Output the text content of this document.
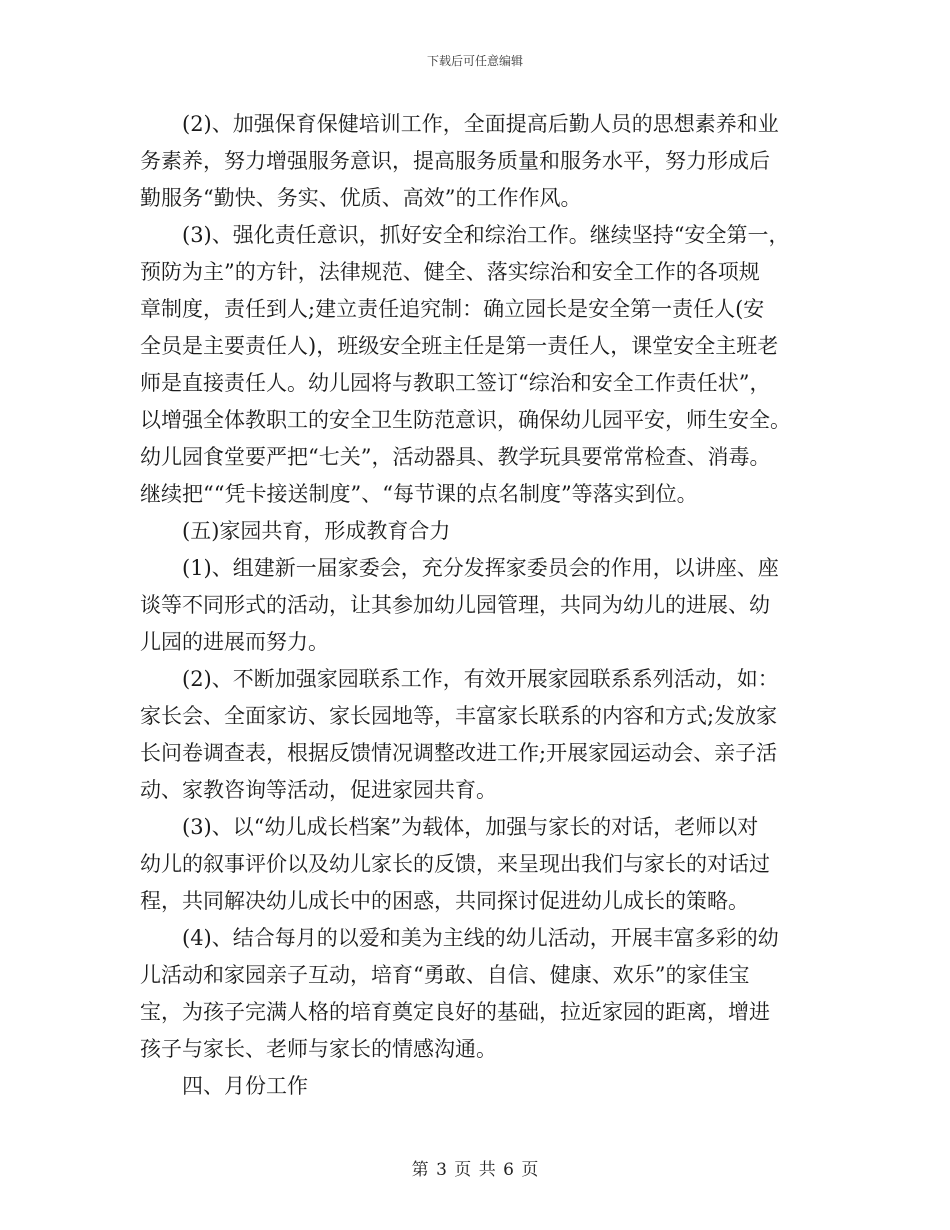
下载后可任意编辑
　　(2)、加强保育保健培训工作，全面提高后勤人员的思想素养和业
务素养，努力增强服务意识，提高服务质量和服务水平，努力形成后
勤服务“勤快、务实、优质、高效”的工作作风。
　　(3)、强化责任意识，抓好安全和综治工作。继续坚持“安全第一，
预防为主”的方针，法律规范、健全、落实综治和安全工作的各项规
章制度，责任到人;建立责任追究制：确立园长是安全第一责任人(安
全员是主要责任人)，班级安全班主任是第一责任人，课堂安全主班老
师是直接责任人。幼儿园将与教职工签订“综治和安全工作责任状”，
以增强全体教职工的安全卫生防范意识，确保幼儿园平安，师生安全。
幼儿园食堂要严把“七关”，活动器具、教学玩具要常常检查、消毒。
继续把““凭卡接送制度”、“每节课的点名制度”等落实到位。
　　(五)家园共育，形成教育合力
　　(1)、组建新一届家委会，充分发挥家委员会的作用，以讲座、座
谈等不同形式的活动，让其参加幼儿园管理，共同为幼儿的进展、幼
儿园的进展而努力。
　　(2)、不断加强家园联系工作，有效开展家园联系系列活动，如：
家长会、全面家访、家长园地等，丰富家长联系的内容和方式;发放家
长问卷调查表，根据反馈情况调整改进工作;开展家园运动会、亲子活
动、家教咨询等活动，促进家园共育。
　　(3)、以“幼儿成长档案”为载体，加强与家长的对话，老师以对
幼儿的叙事评价以及幼儿家长的反馈，来呈现出我们与家长的对话过
程，共同解决幼儿成长中的困惑，共同探讨促进幼儿成长的策略。
　　(4)、结合每月的以爱和美为主线的幼儿活动，开展丰富多彩的幼
儿活动和家园亲子互动，培育“勇敢、自信、健康、欢乐”的家佳宝
宝，为孩子完满人格的培育奠定良好的基础，拉近家园的距离，增进
孩子与家长、老师与家长的情感沟通。
　　四、月份工作
第 3 页 共 6 页
